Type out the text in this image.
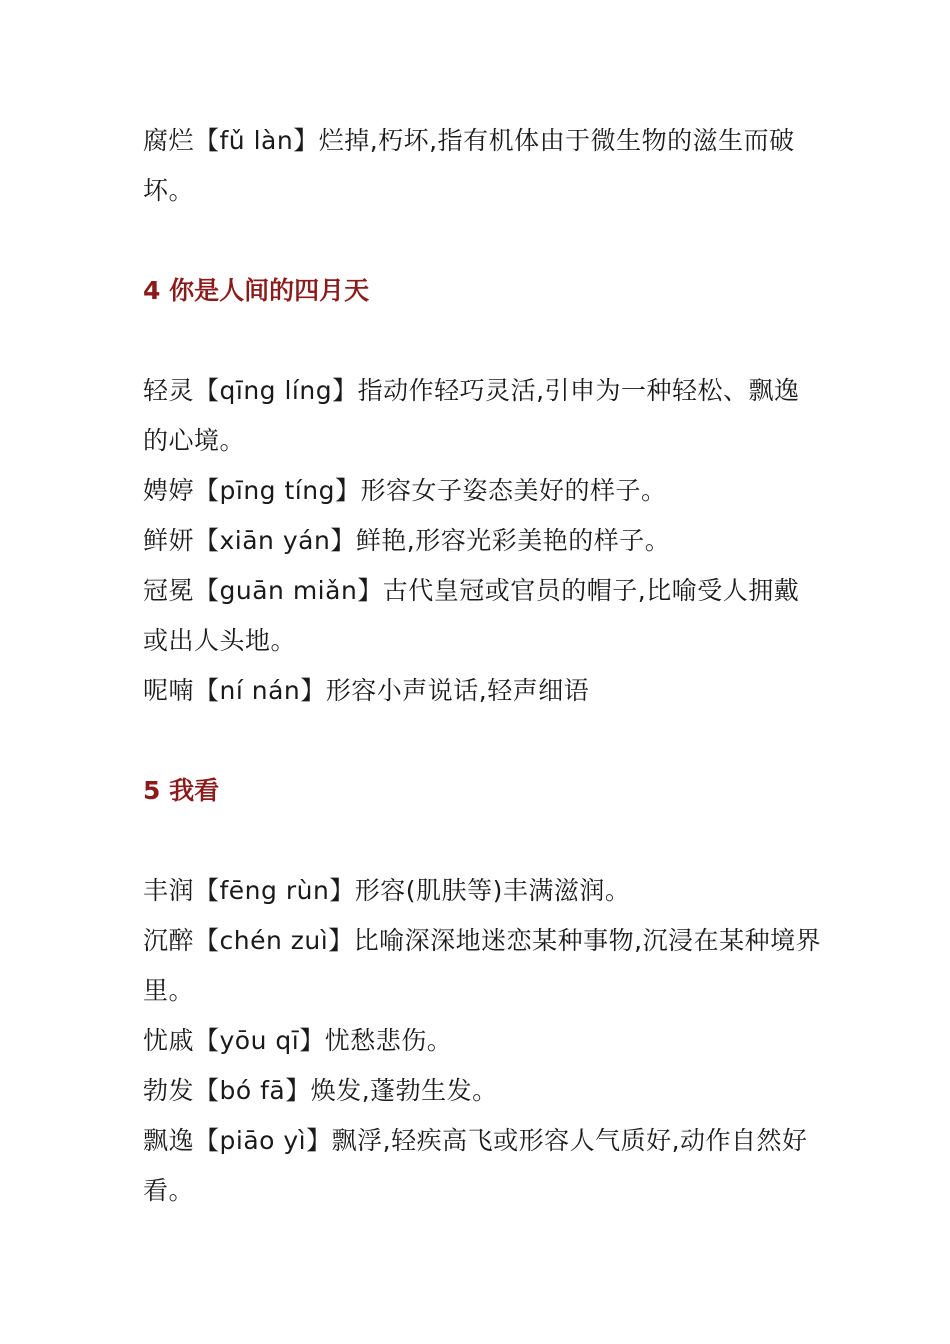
腐烂【fǔ làn】烂掉,朽坏,指有机体由于微生物的滋生而破坏。

4 你是人间的四月天

轻灵【qīng líng】指动作轻巧灵活,引申为一种轻松、飘逸的心境。

娉婷【pīng tíng】形容女子姿态美好的样子。

鲜妍【xiān yán】鲜艳,形容光彩美艳的样子。

冠冕【guān miǎn】古代皇冠或官员的帽子,比喻受人拥戴或出人头地。

呢喃【ní nán】形容小声说话,轻声细语

5 我看

丰润【fēng rùn】形容(肌肤等)丰满滋润。

沉醉【chén zuì】比喻深深地迷恋某种事物,沉浸在某种境界里。

忧戚【yōu qī】忧愁悲伤。

勃发【bó fā】焕发,蓬勃生发。

飘逸【piāo yì】飘浮,轻疾高飞或形容人气质好,动作自然好看。
